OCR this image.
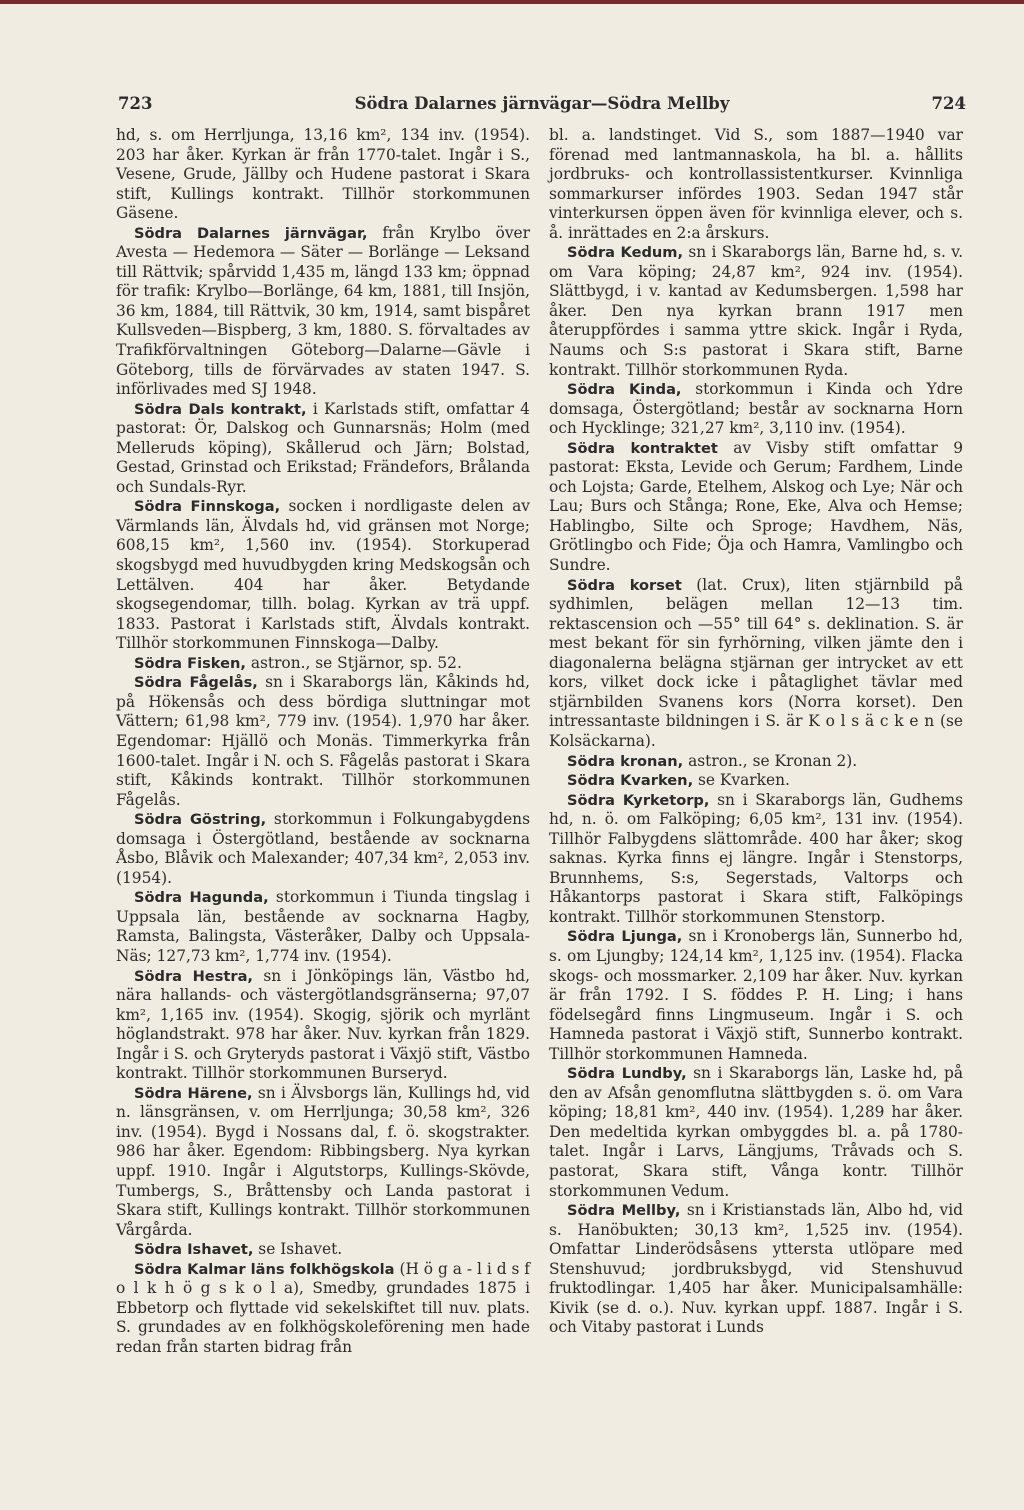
723	Södra Dalarnes järnvägar—Södra Mellby	724

hd, s. om Herrljunga, 13,16 km², 134 inv. (1954). 203 har åker. Kyrkan är från 1770-talet. Ingår i S., Vesene, Grude, Jällby och Hudene pastorat i Skara stift, Kullings kontrakt. Tillhör storkommunen Gäsene.

Södra Dalarnes järnvägar, från Krylbo över Avesta — Hedemora — Säter — Borlänge — Leksand till Rättvik; spårvidd 1,435 m, längd 133 km; öppnad för trafik: Krylbo—Borlänge, 64 km, 1881, till Insjön, 36 km, 1884, till Rättvik, 30 km, 1914, samt bispåret Kullsveden—Bispberg, 3 km, 1880. S. förvaltades av Trafikförvaltningen Göteborg—Dalarne—Gävle i Göteborg, tills de förvärvades av staten 1947. S. införlivades med SJ 1948.

Södra Dals kontrakt, i Karlstads stift, omfattar 4 pastorat: Ör, Dalskog och Gunnarsnäs; Holm (med Melleruds köping), Skållerud och Järn; Bolstad, Gestad, Grinstad och Erikstad; Frändefors, Brålanda och Sundals-Ryr.

Södra Finnskoga, socken i nordligaste delen av Värmlands län, Älvdals hd, vid gränsen mot Norge; 608,15 km², 1,560 inv. (1954). Storkuperad skogsbygd med huvudbygden kring Medskogsån och Lettälven. 404 har åker. Betydande skogsegendomar, tillh. bolag. Kyrkan av trä uppf. 1833. Pastorat i Karlstads stift, Älvdals kontrakt. Tillhör storkommunen Finnskoga—Dalby.

Södra Fisken, astron., se Stjärnor, sp. 52.

Södra Fågelås, sn i Skaraborgs län, Kåkinds hd, på Hökensås och dess bördiga sluttningar mot Vättern; 61,98 km², 779 inv. (1954). 1,970 har åker. Egendomar: Hjällö och Monäs. Timmerkyrka från 1600-talet. Ingår i N. och S. Fågelås pastorat i Skara stift, Kåkinds kontrakt. Tillhör storkommunen Fågelås.

Södra Göstring, storkommun i Folkungabygdens domsaga i Östergötland, bestående av socknarna Åsbo, Blåvik och Malexander; 407,34 km², 2,053 inv. (1954).

Södra Hagunda, storkommun i Tiunda tingslag i Uppsala län, bestående av socknarna Hagby, Ramsta, Balingsta, Västeråker, Dalby och Uppsala-Näs; 127,73 km², 1,774 inv. (1954).

Södra Hestra, sn i Jönköpings län, Västbo hd, nära hallands- och västergötlandsgränserna; 97,07 km², 1,165 inv. (1954). Skogig, sjörik och myrlänt höglandstrakt. 978 har åker. Nuv. kyrkan från 1829. Ingår i S. och Gryteryds pastorat i Växjö stift, Västbo kontrakt. Tillhör storkommunen Burseryd.

Södra Härene, sn i Älvsborgs län, Kullings hd, vid n. länsgränsen, v. om Herrljunga; 30,58 km², 326 inv. (1954). Bygd i Nossans dal, f. ö. skogstrakter. 986 har åker. Egendom: Ribbingsberg. Nya kyrkan uppf. 1910. Ingår i Algutstorps, Kullings-Skövde, Tumbergs, S., Bråttensby och Landa pastorat i Skara stift, Kullings kontrakt. Tillhör storkommunen Vårgårda.

Södra Ishavet, se Ishavet.

Södra Kalmar läns folkhögskola (H ö g a - l i d s f o l k h ö g s k o l a), Smedby, grundades 1875 i Ebbetorp och flyttade vid sekelskiftet till nuv. plats. S. grundades av en folkhögskoleförening men hade redan från starten bidrag från

bl. a. landstinget. Vid S., som 1887—1940 var förenad med lantmannaskola, ha bl. a. hållits jordbruks- och kontrollassistentkurser. Kvinnliga sommarkurser infördes 1903. Sedan 1947 står vinterkursen öppen även för kvinnliga elever, och s. å. inrättades en 2:a årskurs.

Södra Kedum, sn i Skaraborgs län, Barne hd, s. v. om Vara köping; 24,87 km², 924 inv. (1954). Slättbygd, i v. kantad av Kedumsbergen. 1,598 har åker. Den nya kyrkan brann 1917 men återuppfördes i samma yttre skick. Ingår i Ryda, Naums och S:s pastorat i Skara stift, Barne kontrakt. Tillhör storkommunen Ryda.

Södra Kinda, storkommun i Kinda och Ydre domsaga, Östergötland; består av socknarna Horn och Hycklinge; 321,27 km², 3,110 inv. (1954).

Södra kontraktet av Visby stift omfattar 9 pastorat: Eksta, Levide och Gerum; Fardhem, Linde och Lojsta; Garde, Etelhem, Alskog och Lye; När och Lau; Burs och Stånga; Rone, Eke, Alva och Hemse; Hablingbo, Silte och Sproge; Havdhem, Näs, Grötlingbo och Fide; Öja och Hamra, Vamlingbo och Sundre.

Södra korset (lat. Crux), liten stjärnbild på sydhimlen, belägen mellan 12—13 tim. rektascension och —55° till 64° s. deklination. S. är mest bekant för sin fyrhörning, vilken jämte den i diagonalerna belägna stjärnan ger intrycket av ett kors, vilket dock icke i påtaglighet tävlar med stjärnbilden Svanens kors (Norra korset). Den intressantaste bildningen i S. är K o l s ä c k e n (se Kolsäckarna).

Södra kronan, astron., se Kronan 2).

Södra Kvarken, se Kvarken.

Södra Kyrketorp, sn i Skaraborgs län, Gudhems hd, n. ö. om Falköping; 6,05 km², 131 inv. (1954). Tillhör Falbygdens slättområde. 400 har åker; skog saknas. Kyrka finns ej längre. Ingår i Stenstorps, Brunnhems, S:s, Segerstads, Valtorps och Håkantorps pastorat i Skara stift, Falköpings kontrakt. Tillhör storkommunen Stenstorp.

Södra Ljunga, sn i Kronobergs län, Sunnerbo hd, s. om Ljungby; 124,14 km², 1,125 inv. (1954). Flacka skogs- och mossmarker. 2,109 har åker. Nuv. kyrkan är från 1792. I S. föddes P. H. Ling; i hans födelsegård finns Lingmuseum. Ingår i S. och Hamneda pastorat i Växjö stift, Sunnerbo kontrakt. Tillhör storkommunen Hamneda.

Södra Lundby, sn i Skaraborgs län, Laske hd, på den av Afsån genomflutna slättbygden s. ö. om Vara köping; 18,81 km², 440 inv. (1954). 1,289 har åker. Den medeltida kyrkan ombyggdes bl. a. på 1780-talet. Ingår i Larvs, Längjums, Tråvads och S. pastorat, Skara stift, Vånga kontr. Tillhör storkommunen Vedum.

Södra Mellby, sn i Kristianstads län, Albo hd, vid s. Hanöbukten; 30,13 km², 1,525 inv. (1954). Omfattar Linderödsåsens yttersta utlöpare med Stenshuvud; jordbruksbygd, vid Stenshuvud fruktodlingar. 1,405 har åker. Municipalsamhälle: Kivik (se d. o.). Nuv. kyrkan uppf. 1887. Ingår i S. och Vitaby pastorat i Lunds
